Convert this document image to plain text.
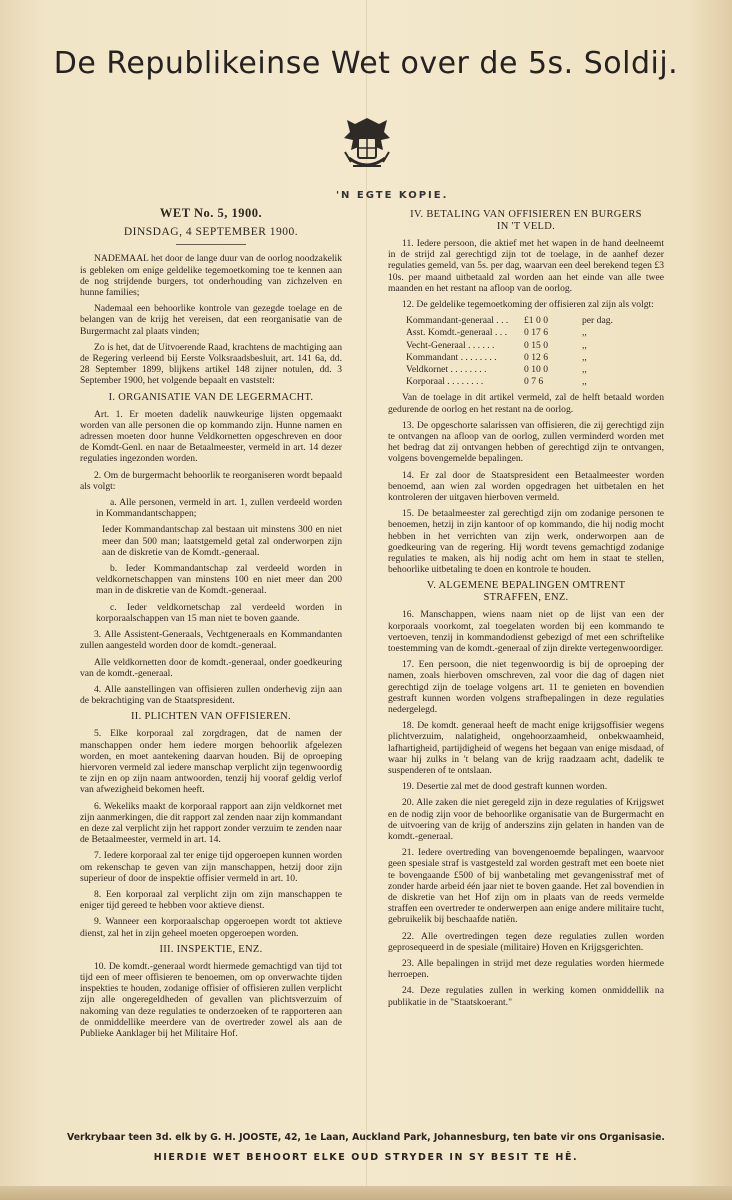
De Republikeinse Wet over de 5s. Soldij.
'N EGTE KOPIE.
WET No. 5, 1900.
DINSDAG, 4 SEPTEMBER 1900.

NADEMAAL het door de lange duur van de oorlog noodzakelik is gebleken om enige geldelike tegemoetkoming toe te kennen aan de nog strijdende burgers, tot onderhouding van zichzelven en hunne families;

Nademaal een behoorlike kontrole van gezegde toelage en de belangen van de krijg het vereisen, dat een reorganisatie van de Burgermacht zal plaats vinden;

Zo is het, dat de Uitvoerende Raad, krachtens de machtiging aan de Regering verleend bij Eerste Volksraadsbesluit, art. 141 6a, dd. 28 September 1899, blijkens artikel 148 zijner notulen, dd. 3 September 1900, het volgende bepaalt en vaststelt:

I. ORGANISATIE VAN DE LEGERMACHT.

Art. 1. Er moeten dadelik nauwkeurige lijsten opgemaakt worden van alle personen die op kommando zijn. Hunne namen en adressen moeten door hunne Veldkornetten opgeschreven en door de Komdt-Genl. en naar de Betaalmeester, vermeld in art. 14 dezer regulaties ingezonden worden.

2. Om de burgermacht behoorlik te reorganiseren wordt bepaald als volgt:

a. Alle personen, vermeld in art. 1, zullen verdeeld worden in Kommandantschappen;

Ieder Kommandantschap zal bestaan uit minstens 300 en niet meer dan 500 man; laatstgemeld getal zal onderworpen zijn aan de diskretie van de Komdt.-generaal.

b. Ieder Kommandantschap zal verdeeld worden in veldkornetschappen van minstens 100 en niet meer dan 200 man in de diskretie van de Komdt.-generaal.

c. Ieder veldkornetschap zal verdeeld worden in korporaalschappen van 15 man niet te boven gaande.

3. Alle Assistent-Generaals, Vechtgeneraals en Kommandanten zullen aangesteld worden door de komdt.-generaal.

Alle veldkornetten door de komdt.-generaal, onder goedkeuring van de komdt.-generaal.

4. Alle aanstellingen van offisieren zullen onderhevig zijn aan de bekrachtiging van de Staatspresident.

II. PLICHTEN VAN OFFISIEREN.

5. Elke korporaal zal zorgdragen, dat de namen der manschappen onder hem iedere morgen behoorlik afgelezen worden, en moet aantekening daarvan houden. Bij de oproeping hiervoren vermeld zal iedere manschap verplicht zijn tegenwoordig te zijn en op zijn naam antwoorden, tenzij hij vooraf geldig verlof van afwezigheid bekomen heeft.

6. Wekeliks maakt de korporaal rapport aan zijn veldkornet met zijn aanmerkingen, die dit rapport zal zenden naar zijn kommandant en deze zal verplicht zijn het rapport zonder verzuim te zenden naar de Betaalmeester, vermeld in art. 14.

7. Iedere korporaal zal ter enige tijd opgeroepen kunnen worden om rekenschap te geven van zijn manschappen, hetzij door zijn superieur of door de inspektie offisier vermeld in art. 10.

8. Een korporaal zal verplicht zijn om zijn manschappen te eniger tijd gereed te hebben voor aktieve dienst.

9. Wanneer een korporaalschap opgeroepen wordt tot aktieve dienst, zal het in zijn geheel moeten opgeroepen worden.

III. INSPEKTIE, ENZ.

10. De komdt.-generaal wordt hiermede gemachtigd van tijd tot tijd een of meer offisieren te benoemen, om op onverwachte tijden inspekties te houden, zodanige offisier of offisieren zullen verplicht zijn alle ongeregeldheden of gevallen van plichtsverzuim of nakoming van deze regulaties te onderzoeken of te rapporteren aan de onmiddellike meerdere van de overtreder zowel als aan de Publieke Aanklager bij het Militaire Hof.

IV. BETALING VAN OFFISIEREN EN BURGERS
IN 'T VELD.

11. Iedere persoon, die aktief met het wapen in de hand deelneemt in de strijd zal gerechtigd zijn tot de toelage, in de aanhef dezer regulaties gemeld, van 5s. per dag, waarvan een deel berekend tegen £3 10s. per maand uitbetaald zal worden aan het einde van alle twee maanden en het restant na afloop van de oorlog.

12. De geldelike tegemoetkoming der offisieren zal zijn als volgt:

Kommandant-generaal . . .	£1 0 0	per dag.
Asst. Komdt.-generaal . . .	0 17 6	,,
Vecht-Generaal . . . . . .	0 15 0	,,
Kommandant . . . . . . . .	0 12 6	,,
Veldkornet . . . . . . . .	0 10 0	,,
Korporaal . . . . . . . .	0 7 6	,,

Van de toelage in dit artikel vermeld, zal de helft betaald worden gedurende de oorlog en het restant na de oorlog.

13. De opgeschorte salarissen van offisieren, die zij gerechtigd zijn te ontvangen na afloop van de oorlog, zullen verminderd worden met het bedrag dat zij ontvangen hebben of gerechtigd zijn te ontvangen, volgens bovengemelde bepalingen.

14. Er zal door de Staatspresident een Betaalmeester worden benoemd, aan wien zal worden opgedragen het uitbetalen en het kontroleren der uitgaven hierboven vermeld.

15. De betaalmeester zal gerechtigd zijn om zodanige personen te benoemen, hetzij in zijn kantoor of op kommando, die hij nodig mocht hebben in het verrichten van zijn werk, onderworpen aan de goedkeuring van de regering. Hij wordt tevens gemachtigd zodanige regulaties te maken, als hij nodig acht om hem in staat te stellen, behoorlike uitbetaling te doen en kontrole te houden.

V. ALGEMENE BEPALINGEN OMTRENT
STRAFFEN, ENZ.

16. Manschappen, wiens naam niet op de lijst van een der korporaals voorkomt, zal toegelaten worden bij een kommando te vertoeven, tenzij in kommandodienst gebezigd of met een schriftelike toestemming van de komdt.-generaal of zijn direkte vertegenwoordiger.

17. Een persoon, die niet tegenwoordig is bij de oproeping der namen, zoals hierboven omschreven, zal voor die dag of dagen niet gerechtigd zijn de toelage volgens art. 11 te genieten en bovendien gestraft kunnen worden volgens strafbepalingen in deze regulaties nedergelegd.

18. De komdt. generaal heeft de macht enige krijgsoffisier wegens plichtverzuim, nalatigheid, ongehoorzaamheid, onbekwaamheid, lafhartigheid, partijdigheid of wegens het begaan van enige misdaad, of waar hij zulks in 't belang van de krijg raadzaam acht, dadelik te suspenderen of te ontslaan.

19. Desertie zal met de dood gestraft kunnen worden.

20. Alle zaken die niet geregeld zijn in deze regulaties of Krijgswet en de nodig zijn voor de behoorlike organisatie van de Burgermacht en de uitvoering van de krijg of anderszins zijn gelaten in handen van de komdt.-generaal.

21. Iedere overtreding van bovengenoemde bepalingen, waarvoor geen spesiale straf is vastgesteld zal worden gestraft met een boete niet te bovengaande £500 of bij wanbetaling met gevangenisstraf met of zonder harde arbeid één jaar niet te boven gaande. Het zal bovendien in de diskretie van het Hof zijn om in plaats van de reeds vermelde straffen een overtreder te onderwerpen aan enige andere militaire tucht, gebruikelik bij beschaafde natiën.

22. Alle overtredingen tegen deze regulaties zullen worden geprosequeerd in de spesiale (militaire) Hoven en Krijgsgerichten.

23. Alle bepalingen in strijd met deze regulaties worden hiermede herroepen.

24. Deze regulaties zullen in werking komen onmiddellik na publikatie in de "Staatskoerant."

Verkrybaar teen 3d. elk by G. H. JOOSTE, 42, 1e Laan, Auckland Park, Johannesburg, ten bate vir ons Organisasie.
HIERDIE WET BEHOORT ELKE OUD STRYDER IN SY BESIT TE HÊ.
